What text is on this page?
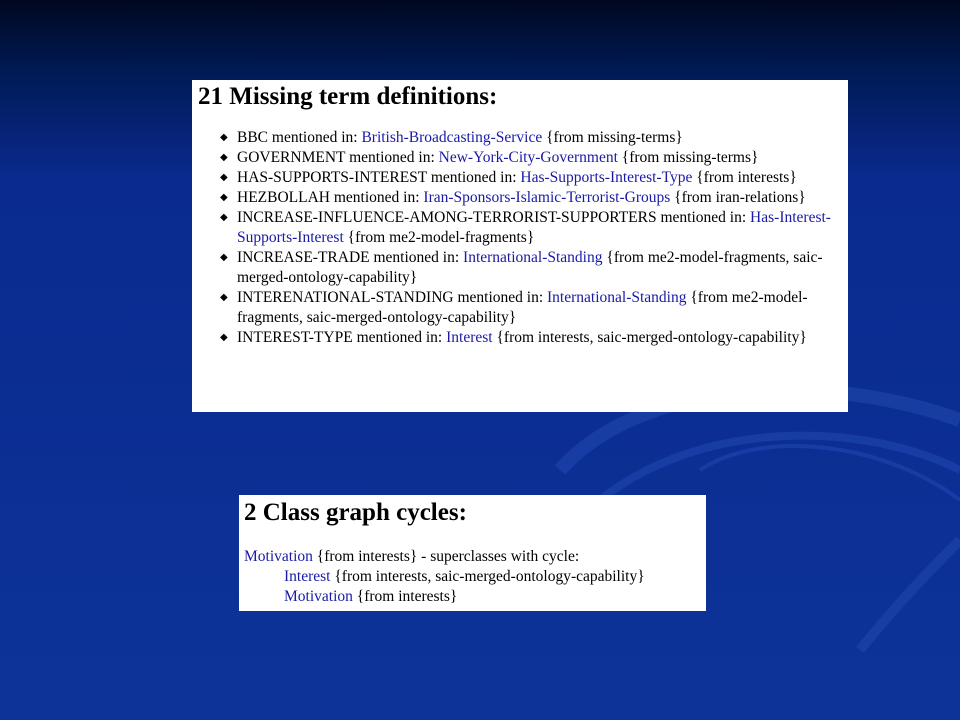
21 Missing term definitions:
◆ BBC mentioned in: British-Broadcasting-Service {from missing-terms}
◆ GOVERNMENT mentioned in: New-York-City-Government {from missing-terms}
◆ HAS-SUPPORTS-INTEREST mentioned in: Has-Supports-Interest-Type {from interests}
◆ HEZBOLLAH mentioned in: Iran-Sponsors-Islamic-Terrorist-Groups {from iran-relations}
◆ INCREASE-INFLUENCE-AMONG-TERRORIST-SUPPORTERS mentioned in: Has-Interest-Supports-Interest {from me2-model-fragments}
◆ INCREASE-TRADE mentioned in: International-Standing {from me2-model-fragments, saic-merged-ontology-capability}
◆ INTERENATIONAL-STANDING mentioned in: International-Standing {from me2-model-fragments, saic-merged-ontology-capability}
◆ INTEREST-TYPE mentioned in: Interest {from interests, saic-merged-ontology-capability}
2 Class graph cycles:
Motivation {from interests} - superclasses with cycle:
Interest {from interests, saic-merged-ontology-capability}
Motivation {from interests}
